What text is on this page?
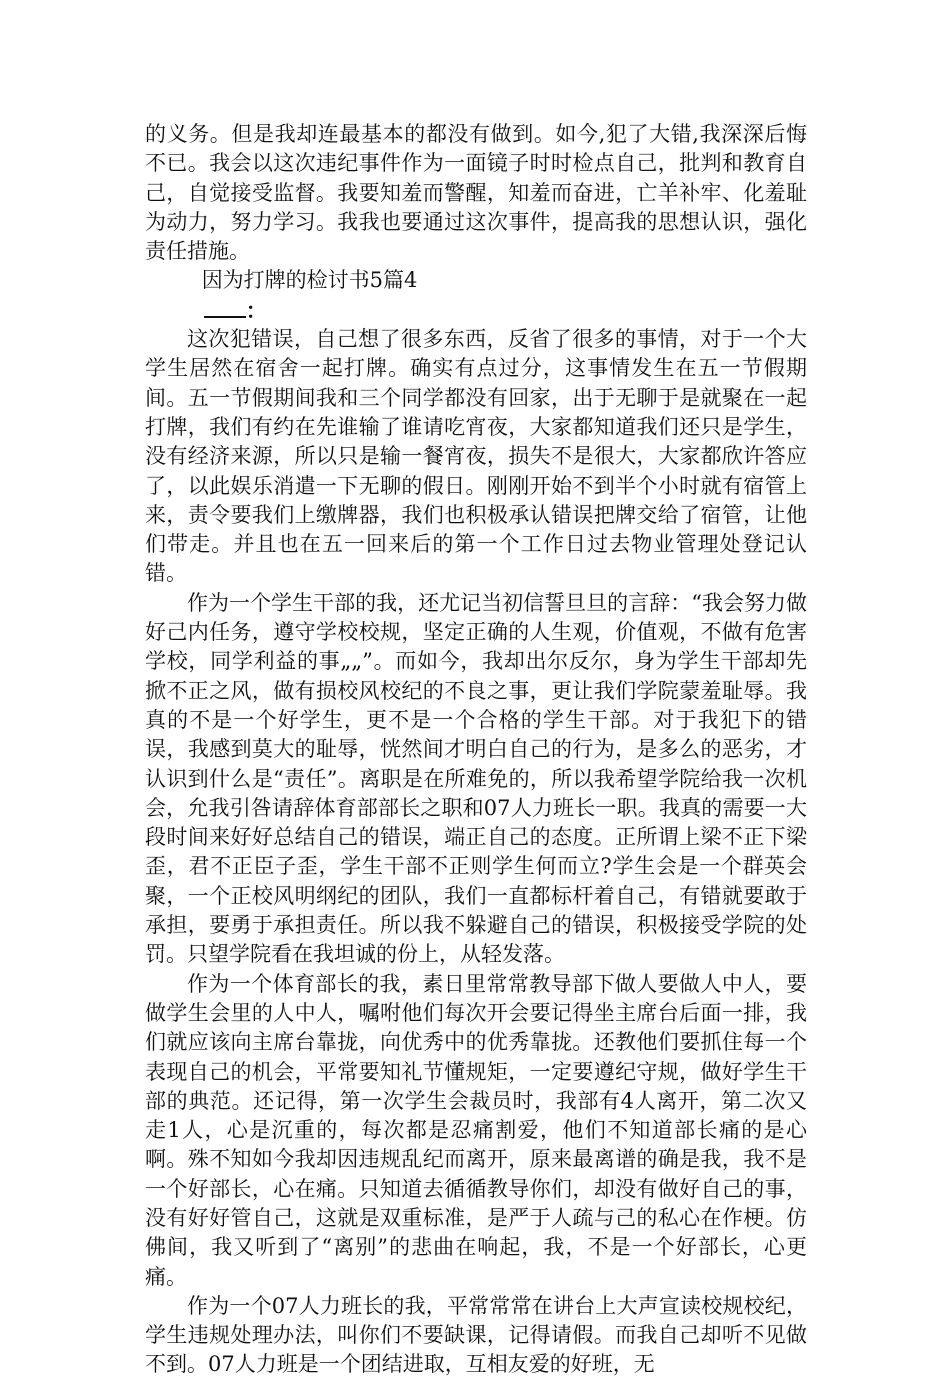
的义务。但是我却连最基本的都没有做到。如今,犯了大错,我深深后悔不已。我会以这次违纪事件作为一面镜子时时检点自己，批判和教育自己，自觉接受监督。我要知羞而警醒，知羞而奋进，亡羊补牢、化羞耻为动力，努力学习。我我也要通过这次事件，提高我的思想认识，强化责任措施。

因为打牌的检讨书5篇4

：

这次犯错误，自己想了很多东西，反省了很多的事情，对于一个大学生居然在宿舍一起打牌。确实有点过分，这事情发生在五一节假期间。五一节假期间我和三个同学都没有回家，出于无聊于是就聚在一起打牌，我们有约在先谁输了谁请吃宵夜，大家都知道我们还只是学生，没有经济来源，所以只是输一餐宵夜，损失不是很大，大家都欣许答应了，以此娱乐消遣一下无聊的假日。刚刚开始不到半个小时就有宿管上来，责令要我们上缴牌器，我们也积极承认错误把牌交给了宿管，让他们带走。并且也在五一回来后的第一个工作日过去物业管理处登记认错。

作为一个学生干部的我，还尤记当初信誓旦旦的言辞：“我会努力做好己内任务，遵守学校校规，坚定正确的人生观，价值观，不做有危害学校，同学利益的事„„”。而如今，我却出尔反尔，身为学生干部却先掀不正之风，做有损校风校纪的不良之事，更让我们学院蒙羞耻辱。我真的不是一个好学生，更不是一个合格的学生干部。对于我犯下的错误，我感到莫大的耻辱，恍然间才明白自己的行为，是多么的恶劣，才认识到什么是“责任”。离职是在所难免的，所以我希望学院给我一次机会，允我引咎请辞体育部部长之职和07人力班长一职。我真的需要一大段时间来好好总结自己的错误，端正自己的态度。正所谓上梁不正下梁歪，君不正臣子歪，学生干部不正则学生何而立?学生会是一个群英会聚，一个正校风明纲纪的团队，我们一直都标杆着自己，有错就要敢于承担，要勇于承担责任。所以我不躲避自己的错误，积极接受学院的处罚。只望学院看在我坦诚的份上，从轻发落。

作为一个体育部长的我，素日里常常教导部下做人要做人中人，要做学生会里的人中人，嘱咐他们每次开会要记得坐主席台后面一排，我们就应该向主席台靠拢，向优秀中的优秀靠拢。还教他们要抓住每一个表现自己的机会，平常要知礼节懂规矩，一定要遵纪守规，做好学生干部的典范。还记得，第一次学生会裁员时，我部有4人离开，第二次又走1人，心是沉重的，每次都是忍痛割爱，他们不知道部长痛的是心啊。殊不知如今我却因违规乱纪而离开，原来最离谱的确是我，我不是一个好部长，心在痛。只知道去循循教导你们，却没有做好自己的事，没有好好管自己，这就是双重标准，是严于人疏与己的私心在作梗。仿佛间，我又听到了“离别”的悲曲在响起，我，不是一个好部长，心更痛。

作为一个07人力班长的我，平常常常在讲台上大声宣读校规校纪，学生违规处理办法，叫你们不要缺课，记得请假。而我自己却听不见做不到。07人力班是一个团结进取，互相友爱的好班，无
